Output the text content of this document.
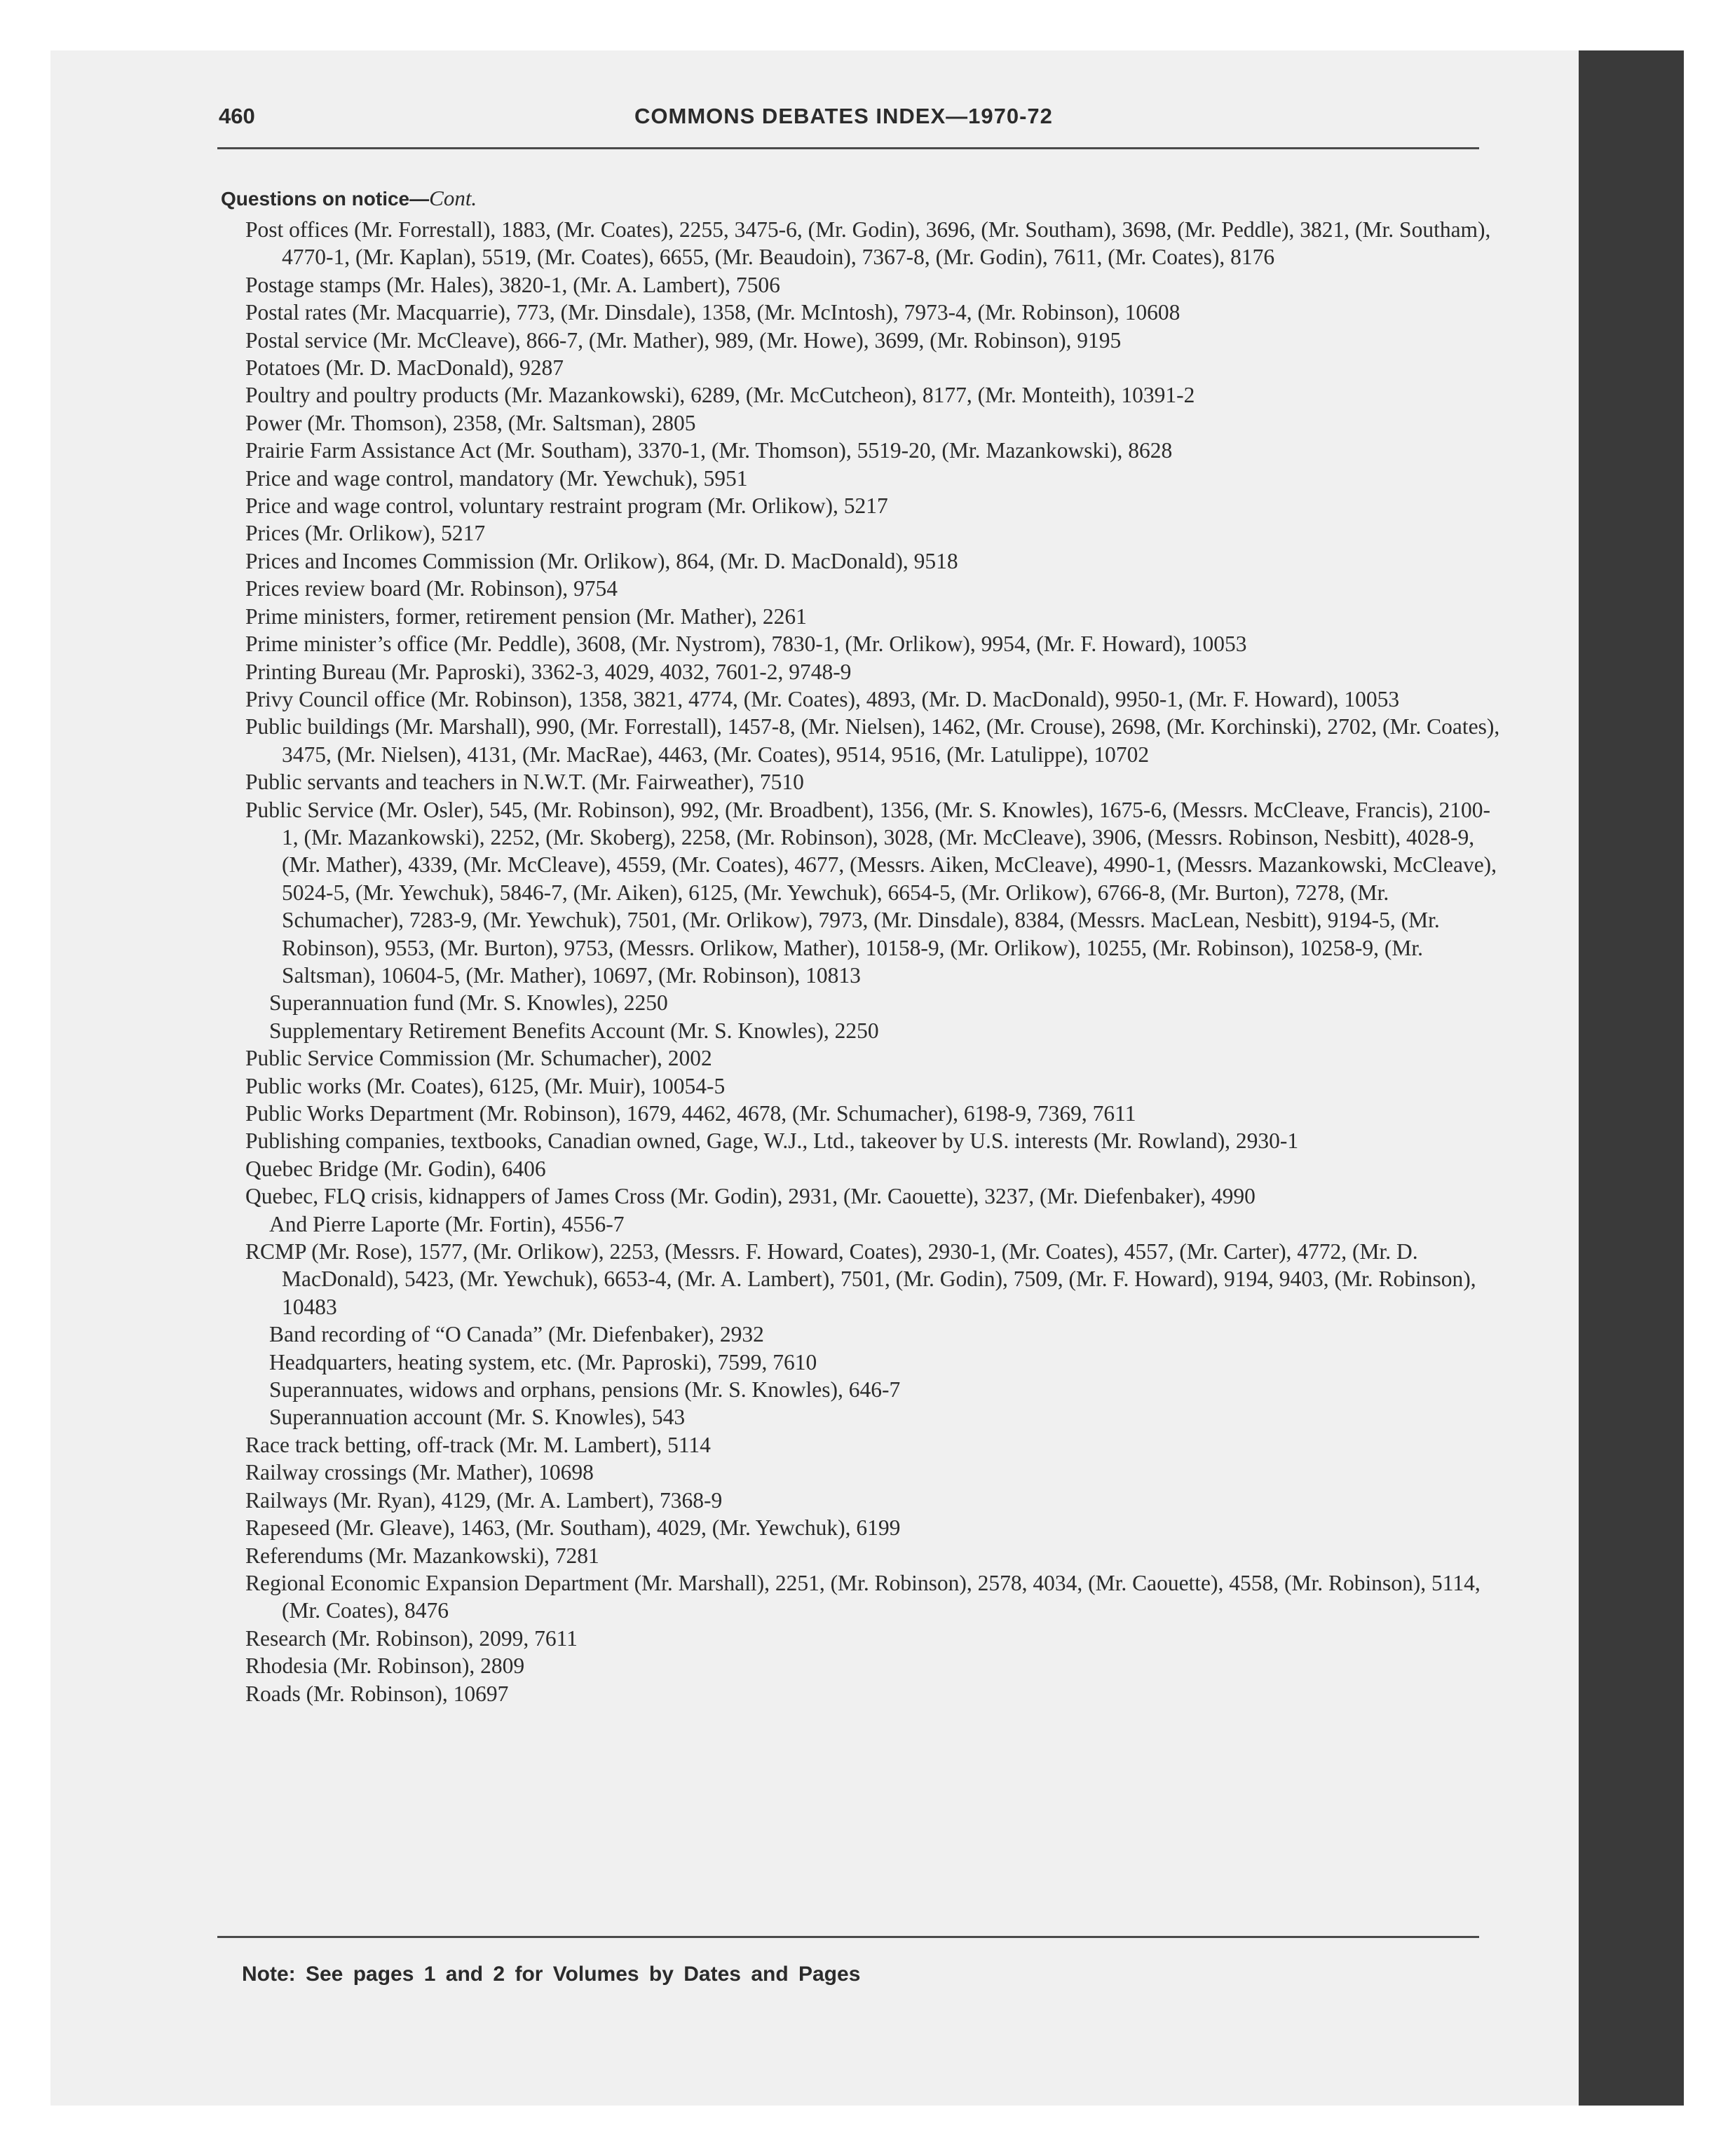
460	COMMONS DEBATES INDEX—1970-72
Questions on notice—Cont.
Post offices (Mr. Forrestall), 1883, (Mr. Coates), 2255, 3475-6, (Mr. Godin), 3696, (Mr. Southam), 3698, (Mr. Peddle), 3821, (Mr. Southam), 4770-1, (Mr. Kaplan), 5519, (Mr. Coates), 6655, (Mr. Beaudoin), 7367-8, (Mr. Godin), 7611, (Mr. Coates), 8176
Postage stamps (Mr. Hales), 3820-1, (Mr. A. Lambert), 7506
Postal rates (Mr. Macquarrie), 773, (Mr. Dinsdale), 1358, (Mr. McIntosh), 7973-4, (Mr. Robinson), 10608
Postal service (Mr. McCleave), 866-7, (Mr. Mather), 989, (Mr. Howe), 3699, (Mr. Robinson), 9195
Potatoes (Mr. D. MacDonald), 9287
Poultry and poultry products (Mr. Mazankowski), 6289, (Mr. McCutcheon), 8177, (Mr. Monteith), 10391-2
Power (Mr. Thomson), 2358, (Mr. Saltsman), 2805
Prairie Farm Assistance Act (Mr. Southam), 3370-1, (Mr. Thomson), 5519-20, (Mr. Mazankowski), 8628
Price and wage control, mandatory (Mr. Yewchuk), 5951
Price and wage control, voluntary restraint program (Mr. Orlikow), 5217
Prices (Mr. Orlikow), 5217
Prices and Incomes Commission (Mr. Orlikow), 864, (Mr. D. MacDonald), 9518
Prices review board (Mr. Robinson), 9754
Prime ministers, former, retirement pension (Mr. Mather), 2261
Prime minister’s office (Mr. Peddle), 3608, (Mr. Nystrom), 7830-1, (Mr. Orlikow), 9954, (Mr. F. Howard), 10053
Printing Bureau (Mr. Paproski), 3362-3, 4029, 4032, 7601-2, 9748-9
Privy Council office (Mr. Robinson), 1358, 3821, 4774, (Mr. Coates), 4893, (Mr. D. MacDonald), 9950-1, (Mr. F. Howard), 10053
Public buildings (Mr. Marshall), 990, (Mr. Forrestall), 1457-8, (Mr. Nielsen), 1462, (Mr. Crouse), 2698, (Mr. Korchinski), 2702, (Mr. Coates), 3475, (Mr. Nielsen), 4131, (Mr. MacRae), 4463, (Mr. Coates), 9514, 9516, (Mr. Latulippe), 10702
Public servants and teachers in N.W.T. (Mr. Fairweather), 7510
Public Service (Mr. Osler), 545, (Mr. Robinson), 992, (Mr. Broadbent), 1356, (Mr. S. Knowles), 1675-6, (Messrs. McCleave, Francis), 2100-1, (Mr. Mazankowski), 2252, (Mr. Skoberg), 2258, (Mr. Robinson), 3028, (Mr. McCleave), 3906, (Messrs. Robinson, Nesbitt), 4028-9, (Mr. Mather), 4339, (Mr. McCleave), 4559, (Mr. Coates), 4677, (Messrs. Aiken, McCleave), 4990-1, (Messrs. Mazankowski, McCleave), 5024-5, (Mr. Yewchuk), 5846-7, (Mr. Aiken), 6125, (Mr. Yewchuk), 6654-5, (Mr. Orlikow), 6766-8, (Mr. Burton), 7278, (Mr. Schumacher), 7283-9, (Mr. Yewchuk), 7501, (Mr. Orlikow), 7973, (Mr. Dinsdale), 8384, (Messrs. MacLean, Nesbitt), 9194-5, (Mr. Robinson), 9553, (Mr. Burton), 9753, (Messrs. Orlikow, Mather), 10158-9, (Mr. Orlikow), 10255, (Mr. Robinson), 10258-9, (Mr. Saltsman), 10604-5, (Mr. Mather), 10697, (Mr. Robinson), 10813
Superannuation fund (Mr. S. Knowles), 2250
Supplementary Retirement Benefits Account (Mr. S. Knowles), 2250
Public Service Commission (Mr. Schumacher), 2002
Public works (Mr. Coates), 6125, (Mr. Muir), 10054-5
Public Works Department (Mr. Robinson), 1679, 4462, 4678, (Mr. Schumacher), 6198-9, 7369, 7611
Publishing companies, textbooks, Canadian owned, Gage, W.J., Ltd., takeover by U.S. interests (Mr. Rowland), 2930-1
Quebec Bridge (Mr. Godin), 6406
Quebec, FLQ crisis, kidnappers of James Cross (Mr. Godin), 2931, (Mr. Caouette), 3237, (Mr. Diefenbaker), 4990
And Pierre Laporte (Mr. Fortin), 4556-7
RCMP (Mr. Rose), 1577, (Mr. Orlikow), 2253, (Messrs. F. Howard, Coates), 2930-1, (Mr. Coates), 4557, (Mr. Carter), 4772, (Mr. D. MacDonald), 5423, (Mr. Yewchuk), 6653-4, (Mr. A. Lambert), 7501, (Mr. Godin), 7509, (Mr. F. Howard), 9194, 9403, (Mr. Robinson), 10483
Band recording of “O Canada” (Mr. Diefenbaker), 2932
Headquarters, heating system, etc. (Mr. Paproski), 7599, 7610
Superannuates, widows and orphans, pensions (Mr. S. Knowles), 646-7
Superannuation account (Mr. S. Knowles), 543
Race track betting, off-track (Mr. M. Lambert), 5114
Railway crossings (Mr. Mather), 10698
Railways (Mr. Ryan), 4129, (Mr. A. Lambert), 7368-9
Rapeseed (Mr. Gleave), 1463, (Mr. Southam), 4029, (Mr. Yewchuk), 6199
Referendums (Mr. Mazankowski), 7281
Regional Economic Expansion Department (Mr. Marshall), 2251, (Mr. Robinson), 2578, 4034, (Mr. Caouette), 4558, (Mr. Robinson), 5114, (Mr. Coates), 8476
Research (Mr. Robinson), 2099, 7611
Rhodesia (Mr. Robinson), 2809
Roads (Mr. Robinson), 10697
Note: See pages 1 and 2 for Volumes by Dates and Pages
